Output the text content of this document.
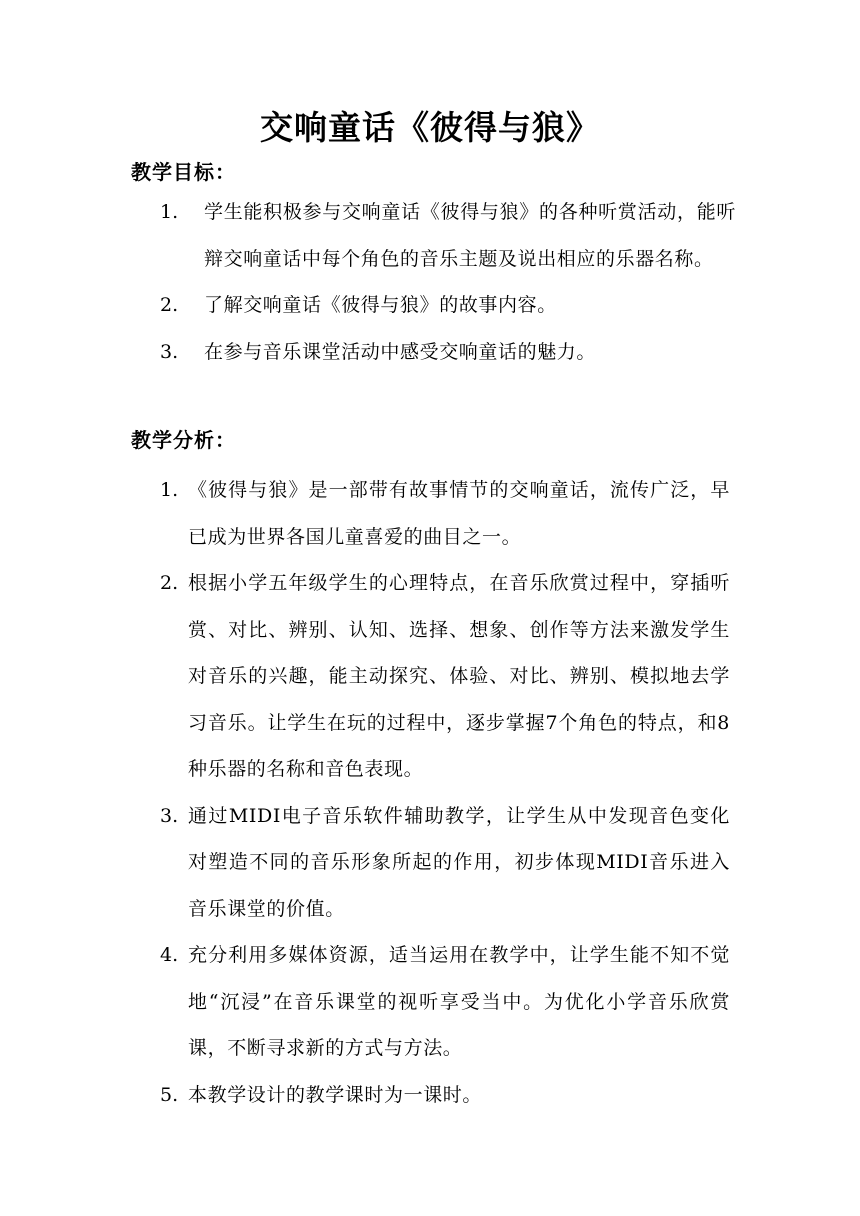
交响童话《彼得与狼》
教学目标：
1. 学生能积极参与交响童话《彼得与狼》的各种听赏活动，能听辩交响童话中每个角色的音乐主题及说出相应的乐器名称。
2. 了解交响童话《彼得与狼》的故事内容。
3. 在参与音乐课堂活动中感受交响童话的魅力。
教学分析：
1. 《彼得与狼》是一部带有故事情节的交响童话，流传广泛，早已成为世界各国儿童喜爱的曲目之一。
2. 根据小学五年级学生的心理特点，在音乐欣赏过程中，穿插听赏、对比、辨别、认知、选择、想象、创作等方法来激发学生对音乐的兴趣，能主动探究、体验、对比、辨别、模拟地去学习音乐。让学生在玩的过程中，逐步掌握7个角色的特点，和8种乐器的名称和音色表现。
3. 通过MIDI电子音乐软件辅助教学，让学生从中发现音色变化对塑造不同的音乐形象所起的作用，初步体现MIDI音乐进入音乐课堂的价值。
4. 充分利用多媒体资源，适当运用在教学中，让学生能不知不觉地“沉浸”在音乐课堂的视听享受当中。为优化小学音乐欣赏课，不断寻求新的方式与方法。
5. 本教学设计的教学课时为一课时。
